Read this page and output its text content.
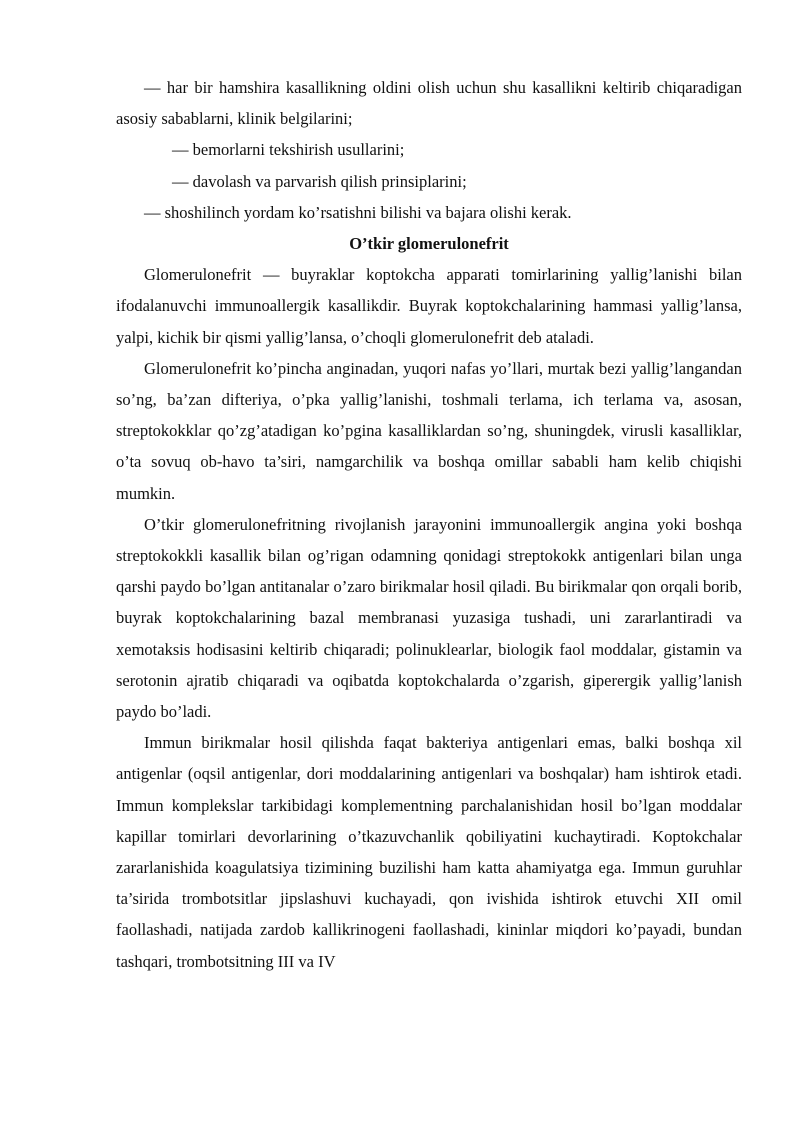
— har bir hamshira kasallikning oldini olish uchun shu kasallikni keltirib chiqaradigan asosiy sabablarni, klinik belgilarini;

— bemorlarni tekshirish usullarini;

— davolash va parvarish qilish prinsiplarini;

— shoshilinch yordam ko’rsatishni bilishi va bajara olishi kerak.

O’tkir glomerulonefrit

Glomerulonefrit — buyraklar koptokcha apparati tomirlarining yallig’lanishi bilan ifodalanuvchi immunoallergik kasallikdir. Buyrak koptokchalarining hammasi yallig’lansa, yalpi, kichik bir qismi yallig’lansa, o’choqli glomerulonefrit deb ataladi.

Glomerulonefrit ko’pincha anginadan, yuqori nafas yo’llari, murtak bezi yallig’langandan so’ng, ba’zan difteriya, o’pka yallig’lanishi, toshmali terlama, ich terlama va, asosan, streptokokklar qo’zg’atadigan ko’pgina kasalliklardan so’ng, shuningdek, virusli kasalliklar, o’ta sovuq ob-havo ta’siri, namgarchilik va boshqa omillar sababli ham kelib chiqishi mumkin.

O’tkir glomerulonefritning rivojlanish jarayonini immunoallergik angina yoki boshqa streptokokkli kasallik bilan og’rigan odamning qonidagi streptokokk antigenlari bilan unga qarshi paydo bo’lgan antitanalar o’zaro birikmalar hosil qiladi. Bu birikmalar qon orqali borib, buyrak koptokchalarining bazal membranasi yuzasiga tushadi, uni zararlantiradi va xemotaksis hodisasini keltirib chiqaradi; polinuklearlar, biologik faol moddalar, gistamin va serotonin ajratib chiqaradi va oqibatda koptokchalarda o’zgarish, giperergik yallig’lanish paydo bo’ladi.

Immun birikmalar hosil qilishda faqat bakteriya antigenlari emas, balki boshqa xil antigenlar (oqsil antigenlar, dori moddalarining antigenlari va boshqalar) ham ishtirok etadi. Immun komplekslar tarkibidagi komplementning parchalanishidan hosil bo’lgan moddalar kapillar tomirlari devorlarining o’tkazuvchanlik qobiliyatini kuchaytiradi. Koptokchalar zararlanishida koagulatsiya tizimining buzilishi ham katta ahamiyatga ega. Immun guruhlar ta’sirida trombotsitlar jipslashuvi kuchayadi, qon ivishida ishtirok etuvchi XII omil faollashadi, natijada zardob kallikrinogeni faollashadi, kininlar miqdori ko’payadi, bundan tashqari, trombotsitning III va IV
